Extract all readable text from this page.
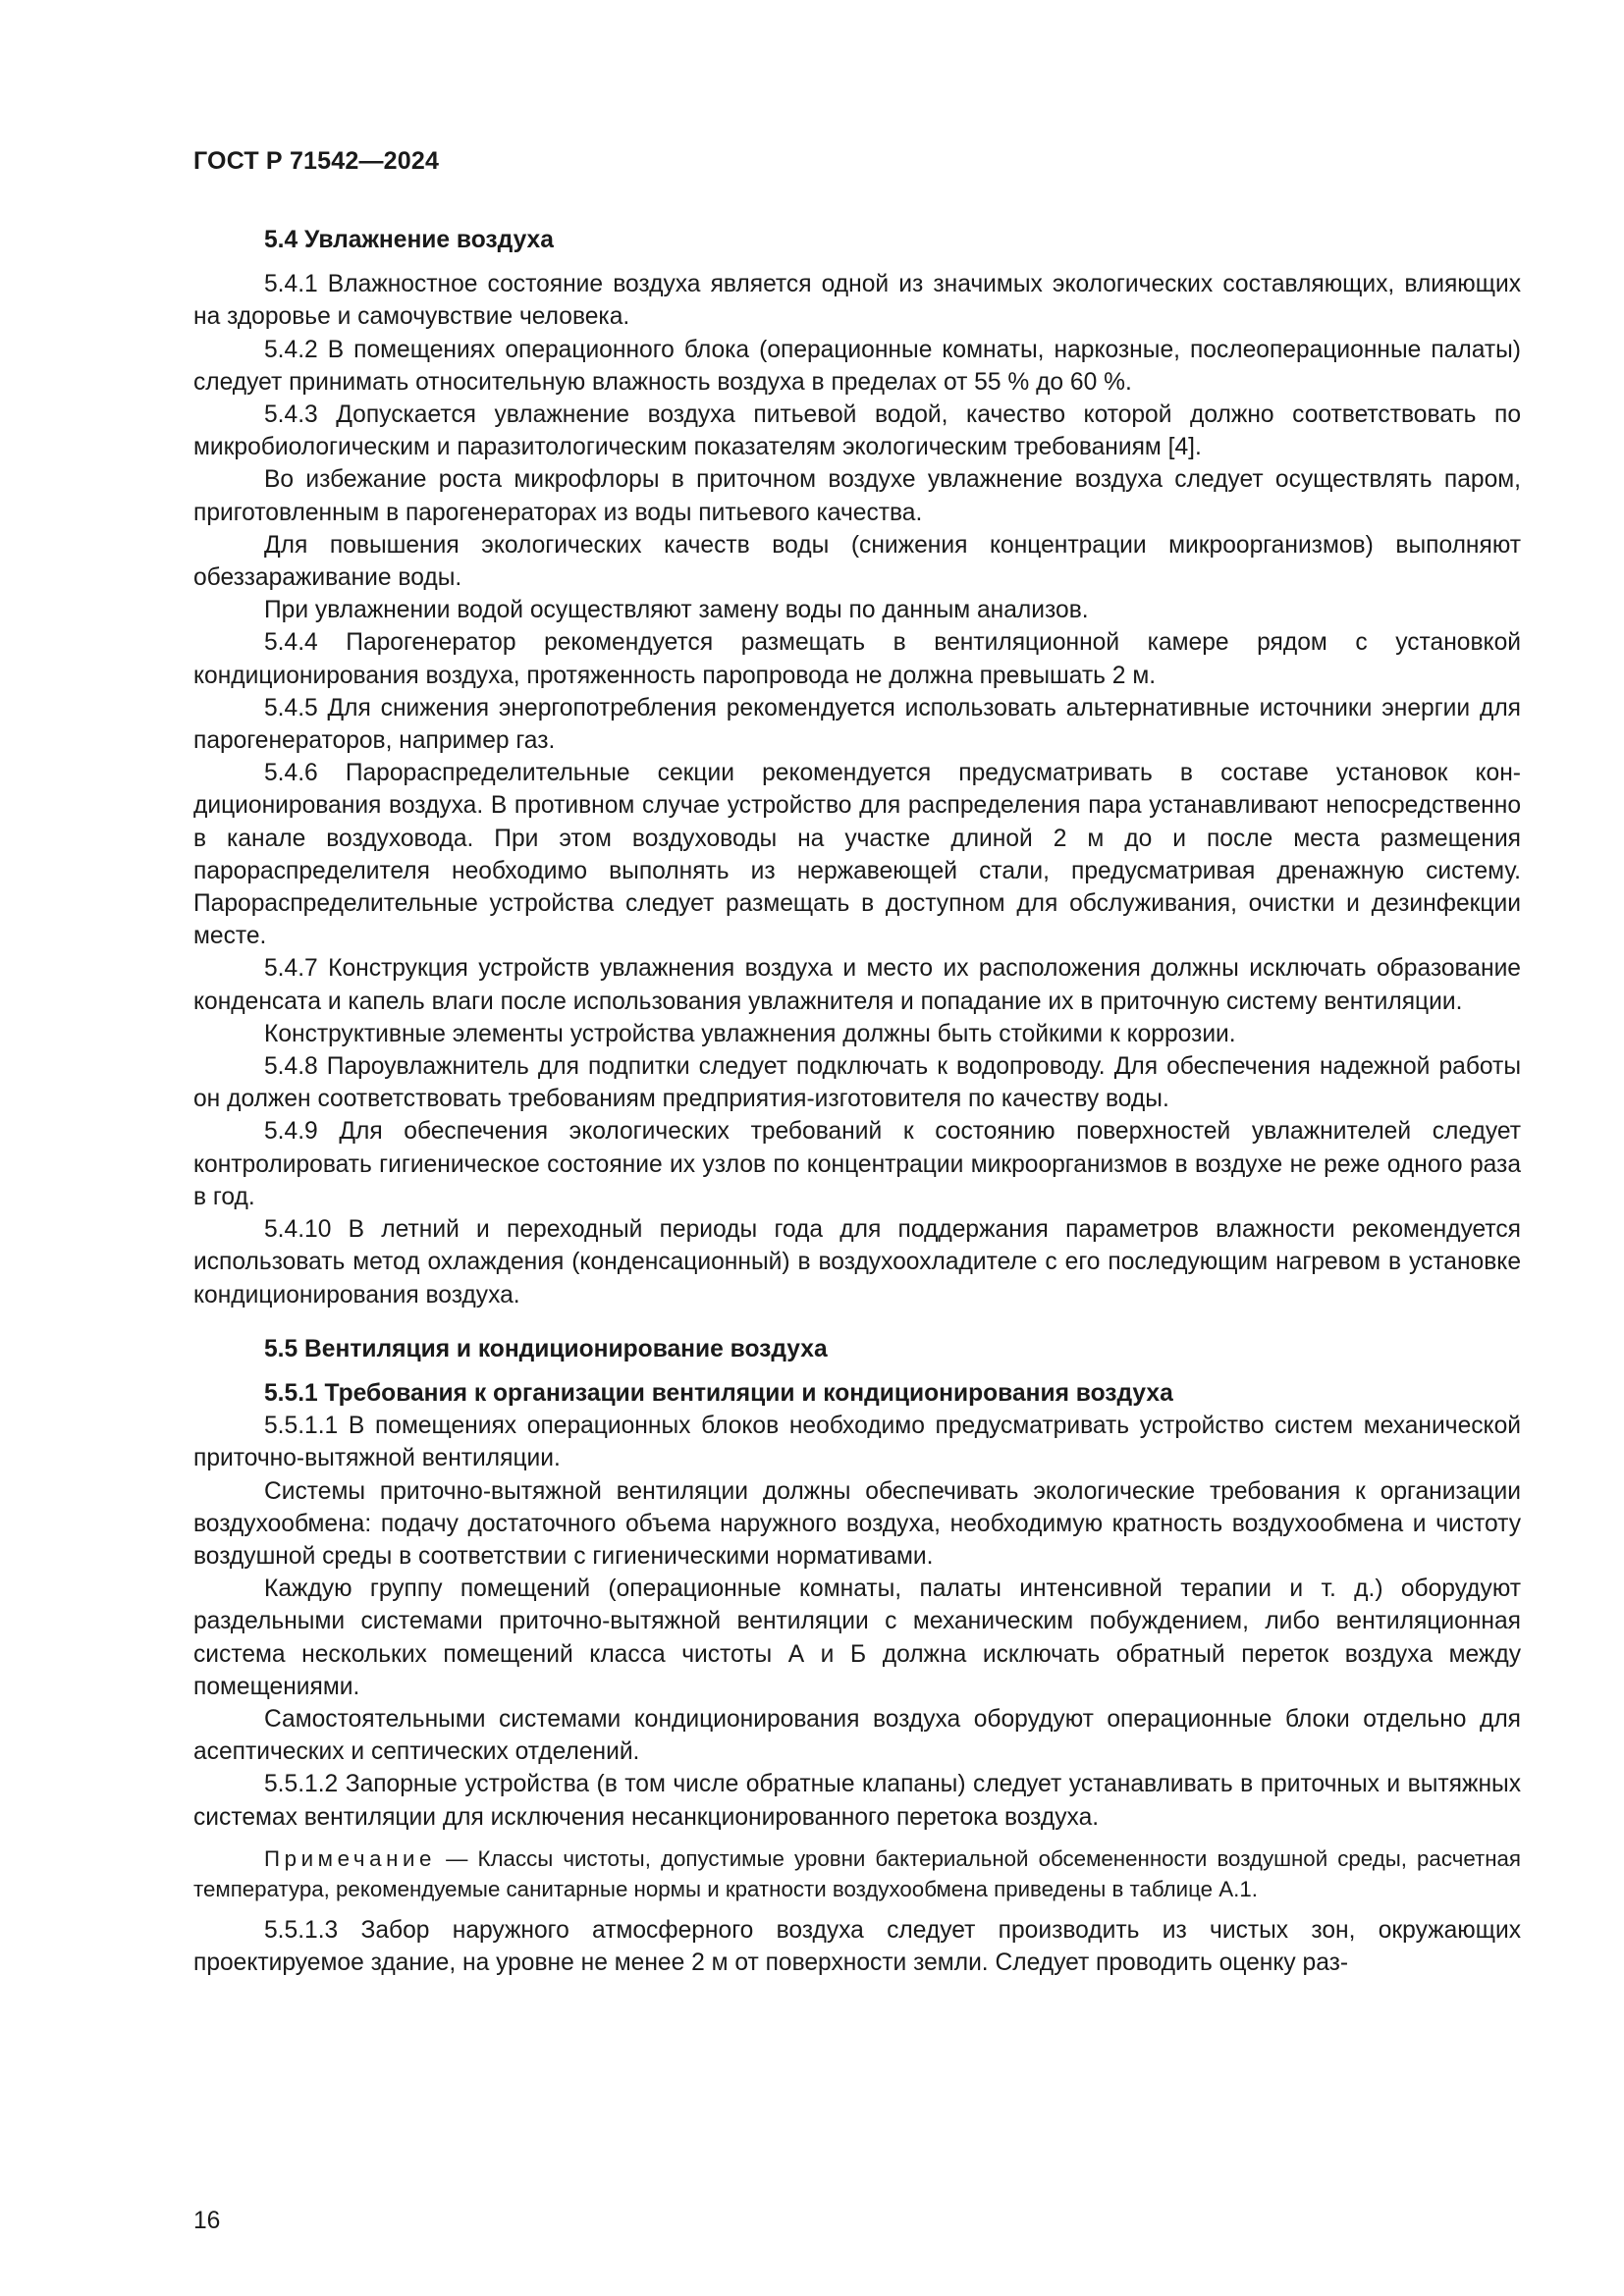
ГОСТ Р 71542—2024
5.4 Увлажнение воздуха

5.4.1 Влажностное состояние воздуха является одной из значимых экологических составляющих, влияющих на здоровье и самочувствие человека.

5.4.2 В помещениях операционного блока (операционные комнаты, наркозные, послеоперационные палаты) следует принимать относительную влажность воздуха в пределах от 55 % до 60 %.

5.4.3 Допускается увлажнение воздуха питьевой водой, качество которой должно соответствовать по микробиологическим и паразитологическим показателям экологическим требованиям [4].

Во избежание роста микрофлоры в приточном воздухе увлажнение воздуха следует осуществлять паром, приготовленным в парогенераторах из воды питьевого качества.

Для повышения экологических качеств воды (снижения концентрации микроорганизмов) выполняют обеззараживание воды.

При увлажнении водой осуществляют замену воды по данным анализов.

5.4.4 Парогенератор рекомендуется размещать в вентиляционной камере рядом с установкой кондиционирования воздуха, протяженность паропровода не должна превышать 2 м.

5.4.5 Для снижения энергопотребления рекомендуется использовать альтернативные источники энергии для парогенераторов, например газ.

5.4.6 Парораспределительные секции рекомендуется предусматривать в составе установок кондиционирования воздуха. В противном случае устройство для распределения пара устанавливают непосредственно в канале воздуховода. При этом воздуховоды на участке длиной 2 м до и после места размещения парораспределителя необходимо выполнять из нержавеющей стали, предусматривая дренажную систему. Парораспределительные устройства следует размещать в доступном для обслуживания, очистки и дезинфекции месте.

5.4.7 Конструкция устройств увлажнения воздуха и место их расположения должны исключать образование конденсата и капель влаги после использования увлажнителя и попадание их в приточную систему вентиляции.

Конструктивные элементы устройства увлажнения должны быть стойкими к коррозии.

5.4.8 Пароувлажнитель для подпитки следует подключать к водопроводу. Для обеспечения надежной работы он должен соответствовать требованиям предприятия-изготовителя по качеству воды.

5.4.9 Для обеспечения экологических требований к состоянию поверхностей увлажнителей следует контролировать гигиеническое состояние их узлов по концентрации микроорганизмов в воздухе не реже одного раза в год.

5.4.10 В летний и переходный периоды года для поддержания параметров влажности рекомендуется использовать метод охлаждения (конденсационный) в воздухоохладителе с его последующим нагревом в установке кондиционирования воздуха.

5.5 Вентиляция и кондиционирование воздуха
5.5.1 Требования к организации вентиляции и кондиционирования воздуха

5.5.1.1 В помещениях операционных блоков необходимо предусматривать устройство систем механической приточно-вытяжной вентиляции.

Системы приточно-вытяжной вентиляции должны обеспечивать экологические требования к организации воздухообмена: подачу достаточного объема наружного воздуха, необходимую кратность воздухообмена и чистоту воздушной среды в соответствии с гигиеническими нормативами.

Каждую группу помещений (операционные комнаты, палаты интенсивной терапии и т. д.) оборудуют раздельными системами приточно-вытяжной вентиляции с механическим побуждением, либо вентиляционная система нескольких помещений класса чистоты А и Б должна исключать обратный переток воздуха между помещениями.

Самостоятельными системами кондиционирования воздуха оборудуют операционные блоки отдельно для асептических и септических отделений.

5.5.1.2 Запорные устройства (в том числе обратные клапаны) следует устанавливать в приточных и вытяжных системах вентиляции для исключения несанкционированного перетока воздуха.

Примечание — Классы чистоты, допустимые уровни бактериальной обсемененности воздушной среды, расчетная температура, рекомендуемые санитарные нормы и кратности воздухообмена приведены в таблице А.1.

5.5.1.3 Забор наружного атмосферного воздуха следует производить из чистых зон, окружающих проектируемое здание, на уровне не менее 2 м от поверхности земли. Следует проводить оценку раз-

16
